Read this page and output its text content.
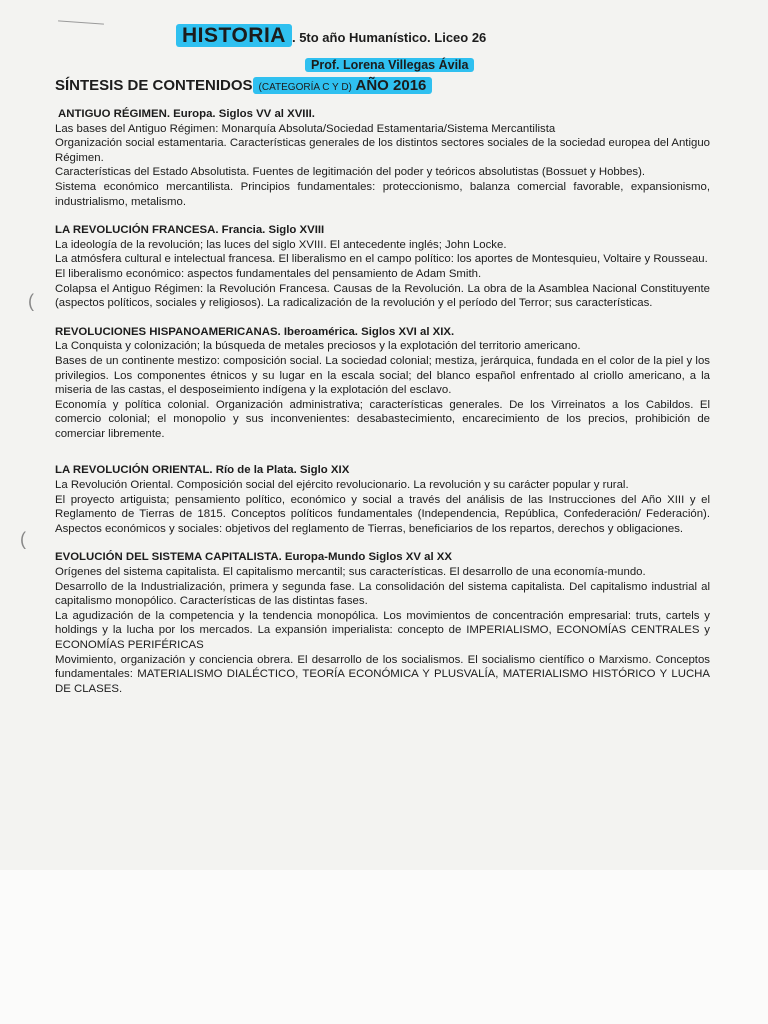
(
(
HISTORIA . 5to año Humanístico. Liceo 26
Prof. Lorena Villegas Ávila
SÍNTESIS DE CONTENIDOS (CATEGORÍA C Y D) AÑO 2016

ANTIGUO RÉGIMEN. Europa. Siglos VV al XVIII.

Las bases del Antiguo Régimen: Monarquía Absoluta/Sociedad Estamentaria/Sistema Mercantilista

Organización social estamentaria. Características generales de los distintos sectores sociales de la sociedad europea del Antiguo Régimen.

Características del Estado Absolutista. Fuentes de legitimación del poder y teóricos absolutistas (Bossuet y Hobbes).

Sistema económico mercantilista. Principios fundamentales: proteccionismo, balanza comercial favorable, expansionismo, industrialismo, metalismo.

LA REVOLUCIÓN FRANCESA. Francia. Siglo XVIII

La ideología de la revolución; las luces del siglo XVIII. El antecedente inglés; John Locke.

La atmósfera cultural e intelectual francesa. El liberalismo en el campo político: los aportes de Montesquieu, Voltaire y Rousseau.

El liberalismo económico: aspectos fundamentales del pensamiento de Adam Smith.

Colapsa el Antiguo Régimen: la Revolución Francesa. Causas de la Revolución. La obra de la Asamblea Nacional Constituyente (aspectos políticos, sociales y religiosos). La radicalización de la revolución y el período del Terror; sus características.

REVOLUCIONES HISPANOAMERICANAS. Iberoamérica. Siglos XVI al XIX.

La Conquista y colonización; la búsqueda de metales preciosos y la explotación del territorio americano.

Bases de un continente mestizo: composición social. La sociedad colonial; mestiza, jerárquica, fundada en el color de la piel y los privilegios. Los componentes étnicos y su lugar en la escala social; del blanco español enfrentado al criollo americano, a la miseria de las castas, el desposeimiento indígena y la explotación del esclavo.

Economía y política colonial. Organización administrativa; características generales. De los Virreinatos a los Cabildos. El comercio colonial; el monopolio y sus inconvenientes: desabastecimiento, encarecimiento de los precios, prohibición de comerciar libremente.

LA REVOLUCIÓN ORIENTAL. Río de la Plata. Siglo XIX

La Revolución Oriental. Composición social del ejército revolucionario. La revolución y su carácter popular y rural.

El proyecto artiguista; pensamiento político, económico y social a través del análisis de las Instrucciones del Año XIII y el Reglamento de Tierras de 1815. Conceptos políticos fundamentales (Independencia, República, Confederación/ Federación). Aspectos económicos y sociales: objetivos del reglamento de Tierras, beneficiarios de los repartos, derechos y obligaciones.

EVOLUCIÓN DEL SISTEMA CAPITALISTA. Europa-Mundo Siglos XV al XX

Orígenes del sistema capitalista. El capitalismo mercantil; sus características. El desarrollo de una economía-mundo.

Desarrollo de la Industrialización, primera y segunda fase. La consolidación del sistema capitalista. Del capitalismo industrial al capitalismo monopólico. Características de las distintas fases.

La agudización de la competencia y la tendencia monopólica. Los movimientos de concentración empresarial: truts, cartels y holdings y la lucha por los mercados. La expansión imperialista: concepto de IMPERIALISMO, ECONOMÍAS CENTRALES y ECONOMÍAS PERIFÉRICAS

Movimiento, organización y conciencia obrera. El desarrollo de los socialismos. El socialismo científico o Marxismo. Conceptos fundamentales: MATERIALISMO DIALÉCTICO, TEORÍA ECONÓMICA Y PLUSVALÍA, MATERIALISMO HISTÓRICO Y LUCHA DE CLASES.
